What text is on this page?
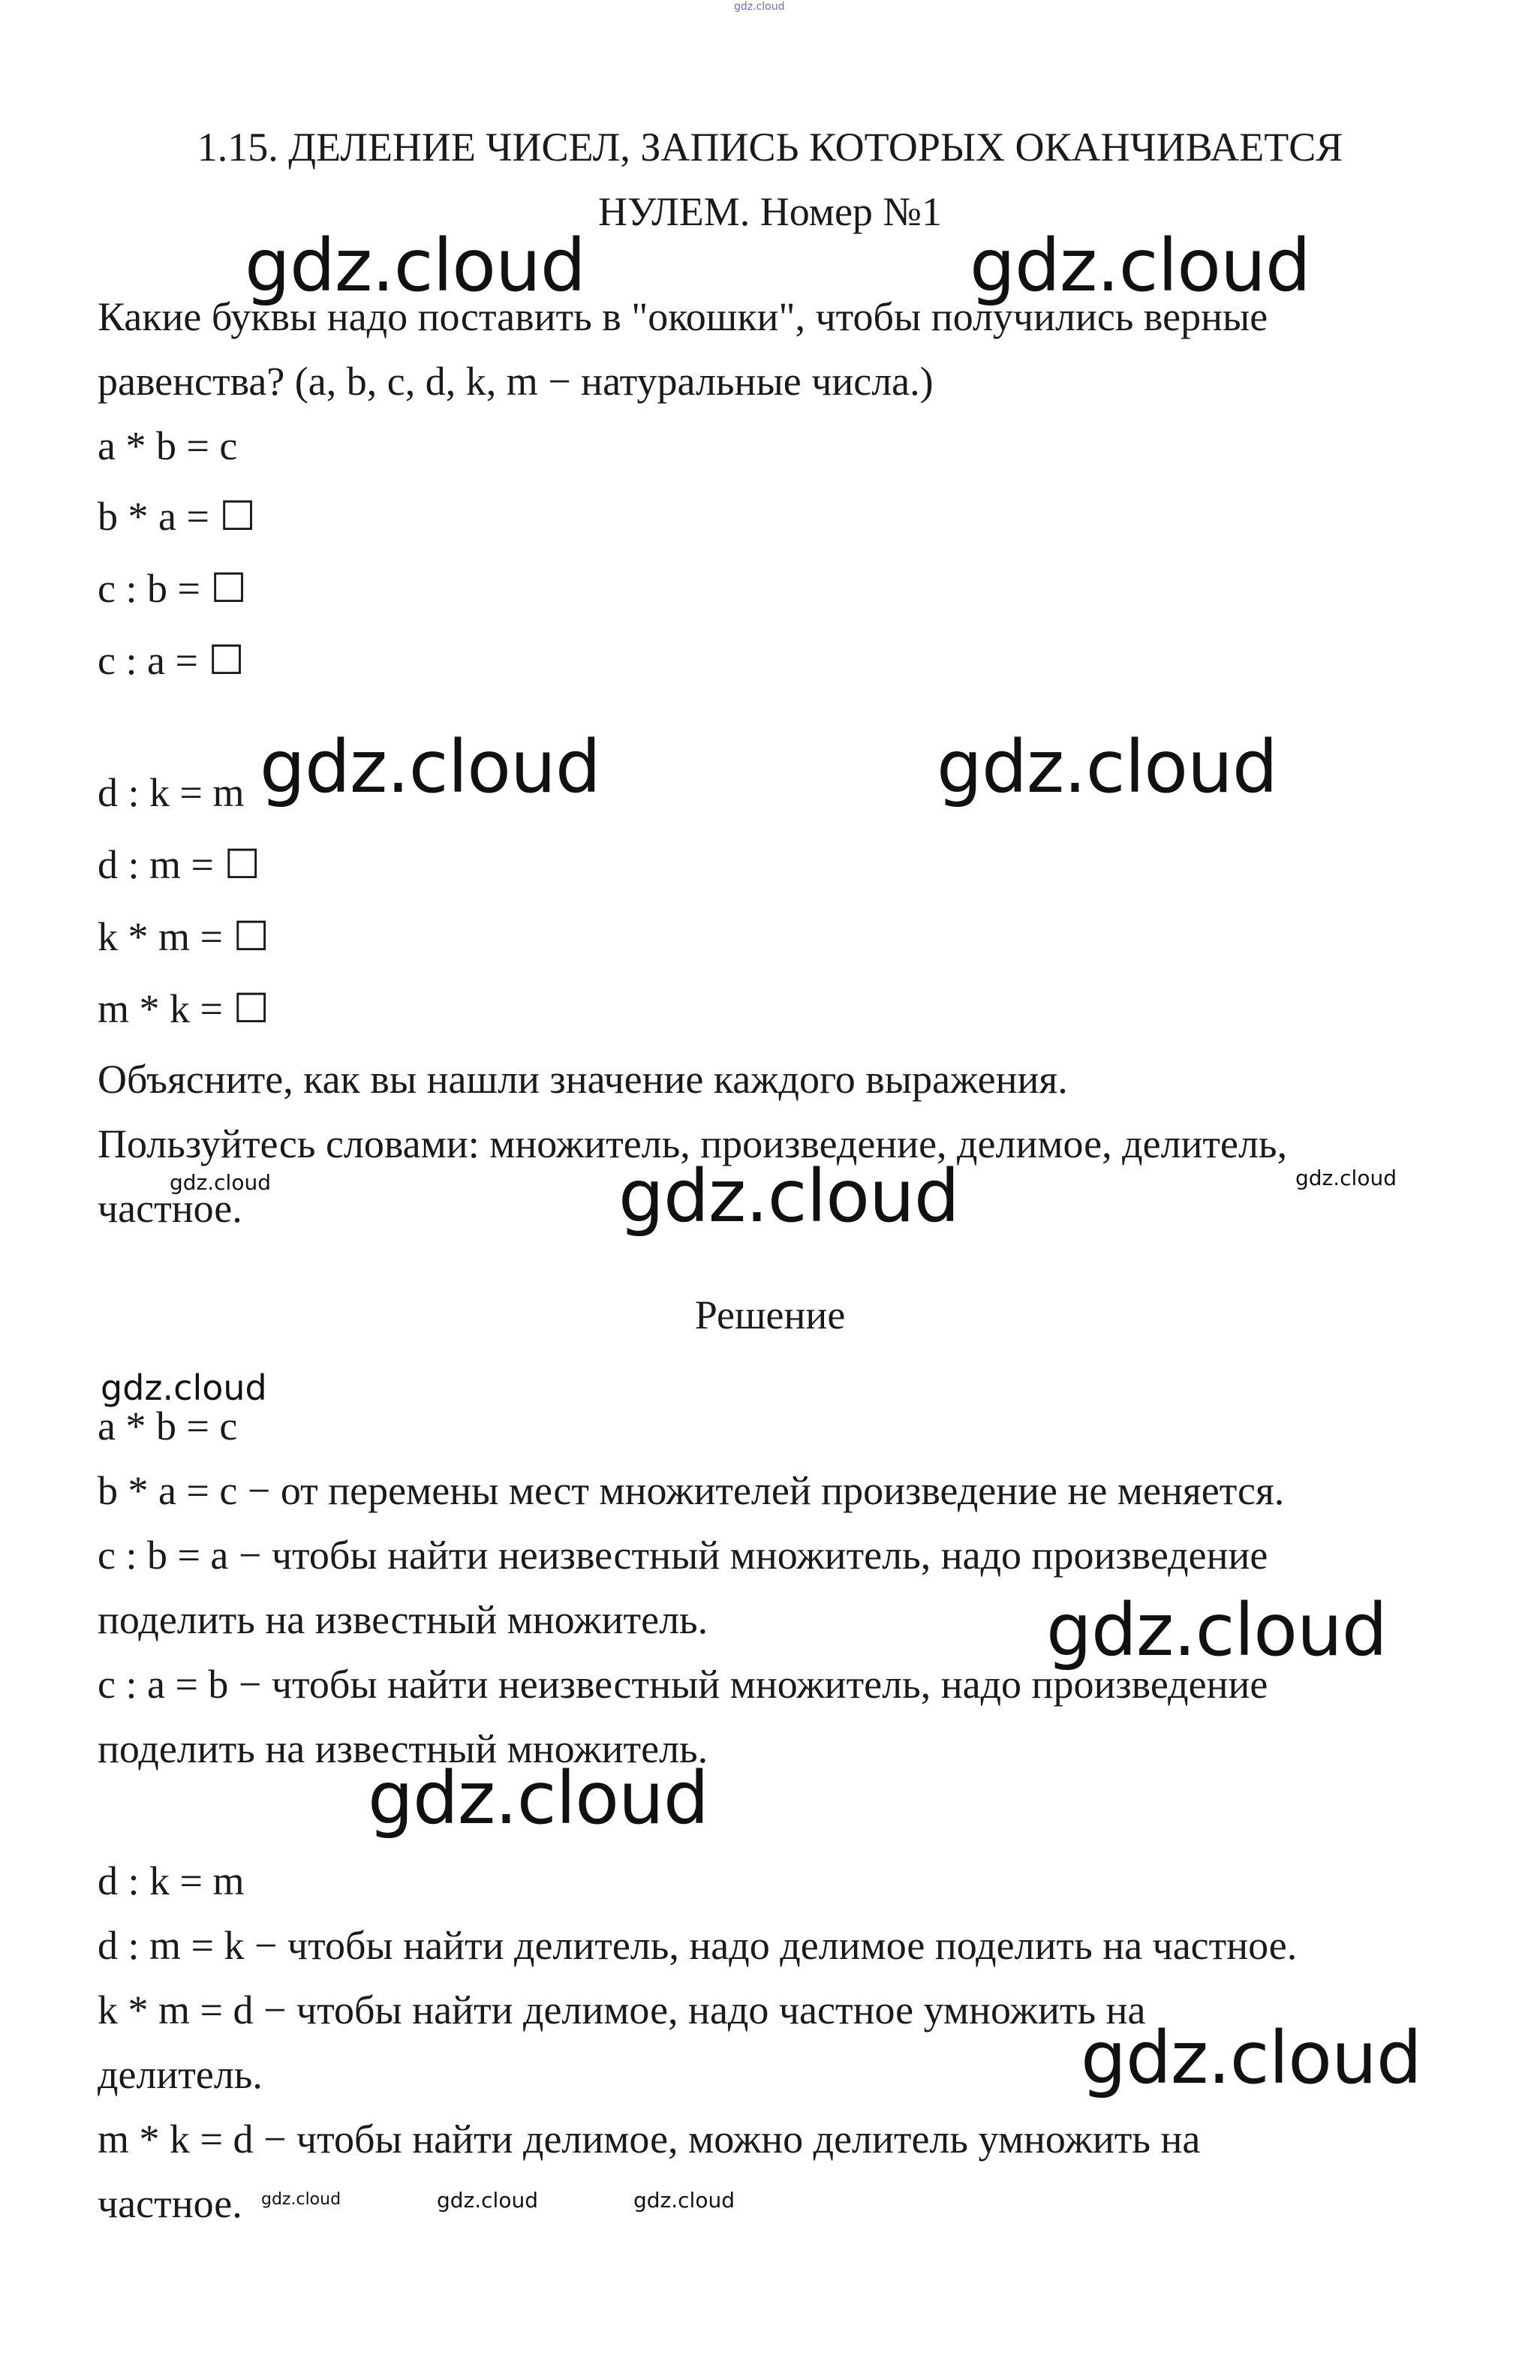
gdz.cloud
1.15. ДЕЛЕНИЕ ЧИСЕЛ, ЗАПИСЬ КОТОРЫХ ОКАНЧИВАЕТСЯ
НУЛЕМ. Номер №1
Какие буквы надо поставить в "окошки", чтобы получились верные
равенства? (a, b, c, d, k, m − натуральные числа.)
a * b = c
b * a = ☐
c : b = ☐
c : a = ☐
d : k = m
d : m = ☐
k * m = ☐
m * k = ☐
Объясните, как вы нашли значение каждого выражения.
Пользуйтесь словами: множитель, произведение, делимое, делитель,
частное.
Решение
a * b = c
b * a = c − от перемены мест множителей произведение не меняется.
c : b = a − чтобы найти неизвестный множитель, надо произведение
поделить на известный множитель.
c : a = b − чтобы найти неизвестный множитель, надо произведение
поделить на известный множитель.
d : k = m
d : m = k − чтобы найти делитель, надо делимое поделить на частное.
k * m = d − чтобы найти делимое, надо частное умножить на
делитель.
m * k = d − чтобы найти делимое, можно делитель умножить на
частное.
gdz.cloud	gdz.cloud
gdz.cloud	gdz.cloud
gdz.cloud	gdz.cloud
gdz.cloud
gdz.cloud
gdz.cloud
gdz.cloud
gdz.cloud
gdz.cloud	gdz.cloud	gdz.cloud
